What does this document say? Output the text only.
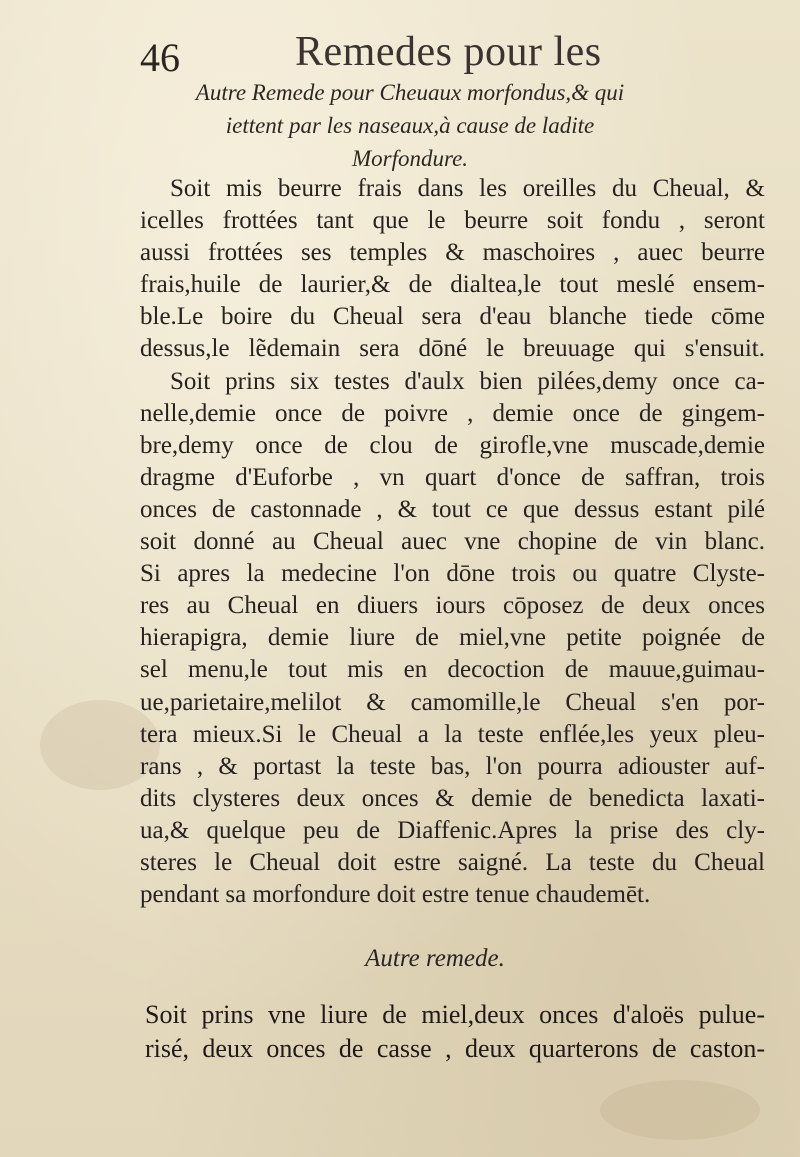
46	Remedes pour les
Autre Remede pour Cheuaux morfondus,& qui
iettent par les naseaux,à cause de ladite
Morfondure.
Soit mis beurre frais dans les oreilles du Cheual, &
icelles frottées tant que le beurre soit fondu , seront
aussi frottées ses temples & maschoires , auec beurre
frais,huile de laurier,& de dialtea,le tout meslé ensem-
ble.Le boire du Cheual sera d'eau blanche tiede cōme
dessus,le lẽdemain sera dōné le breuuage qui s'ensuit.
Soit prins six testes d'aulx bien pilées,demy once ca-
nelle,demie once de poivre , demie once de gingem-
bre,demy once de clou de girofle,vne muscade,demie
dragme d'Euforbe , vn quart d'once de saffran, trois
onces de castonnade , & tout ce que dessus estant pilé
soit donné au Cheual auec vne chopine de vin blanc.
Si apres la medecine l'on dōne trois ou quatre Clyste-
res au Cheual en diuers iours cōposez de deux onces
hierapigra, demie liure de miel,vne petite poignée de
sel menu,le tout mis en decoction de mauue,guimau-
ue,parietaire,melilot & camomille,le Cheual s'en por-
tera mieux.Si le Cheual a la teste enflée,les yeux pleu-
rans , & portast la teste bas, l'on pourra adiouster auf-
dits clysteres deux onces & demie de benedicta laxati-
ua,& quelque peu de Diaffenic.Apres la prise des cly-
steres le Cheual doit estre saigné. La teste du Cheual
pendant sa morfondure doit estre tenue chaudemēt.
Autre remede.
Soit prins vne liure de miel,deux onces d'aloës pulue-
risé, deux onces de casse , deux quarterons de caston-
